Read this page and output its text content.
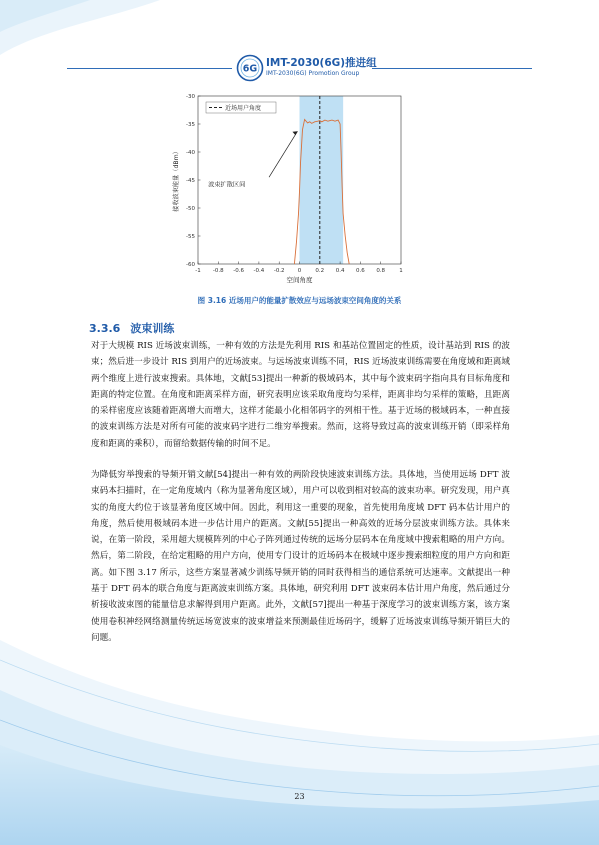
6G IMT-2030(6G)推进组
IMT-2030(6G) Promotion Group
-1 -0.8 -0.6 -0.4 -0.2 0	0.2 0.4 0.6 0.8	1
-30
-35
-40
-45
-50
-55
-60
近场用户角度
波束扩散区间
空间角度
接收波束能量（dBm）
图 3.16 近场用户的能量扩散效应与远场波束空间角度的关系
3.3.6 波束训练

对于大规模 RIS 近场波束训练，一种有效的方法是先利用 RIS 和基站位置固定的性质，设计基站到 RIS 的波束；然后进一步设计 RIS 到用户的近场波束。与远场波束训练不同，RIS 近场波束训练需要在角度域和距离域两个维度上进行波束搜索。具体地，文献[53]提出一种新的极域码本，其中每个波束码字指向具有目标角度和距离的特定位置。在角度和距离采样方面，研究表明应该采取角度均匀采样，距离非均匀采样的策略，且距离的采样密度应该随着距离增大而增大，这样才能最小化相邻码字的列相干性。基于近场的极域码本，一种直接的波束训练方法是对所有可能的波束码字进行二维穷举搜索。然而，这将导致过高的波束训练开销（即采样角度和距离的乘积），而留给数据传输的时间不足。

为降低穷举搜索的导频开销文献[54]提出一种有效的两阶段快速波束训练方法。具体地，当使用远场 DFT 波束码本扫描时，在一定角度域内（称为显著角度区域），用户可以收到相对较高的波束功率。研究发现，用户真实的角度大约位于该显著角度区域中间。因此，利用这一重要的现象，首先使用角度域 DFT 码本估计用户的角度，然后使用极域码本进一步估计用户的距离。文献[55]提出一种高效的近场分层波束训练方法。具体来说，在第一阶段，采用超大规模阵列的中心子阵列通过传统的远场分层码本在角度域中搜索粗略的用户方向。然后，第二阶段，在给定粗略的用户方向，使用专门设计的近场码本在极域中逐步搜索细粒度的用户方向和距离。如下图 3.17 所示，这些方案显著减少训练导频开销的同时获得相当的通信系统可达速率。文献提出一种基于 DFT 码本的联合角度与距离波束训练方案。具体地，研究利用 DFT 波束码本估计用户角度，然后通过分析接收波束图的能量信息求解得到用户距离。此外，文献[57]提出一种基于深度学习的波束训练方案，该方案使用卷积神经网络测量传统远场宽波束的波束增益来预测最佳近场码字，缓解了近场波束训练导频开销巨大的问题。

23
